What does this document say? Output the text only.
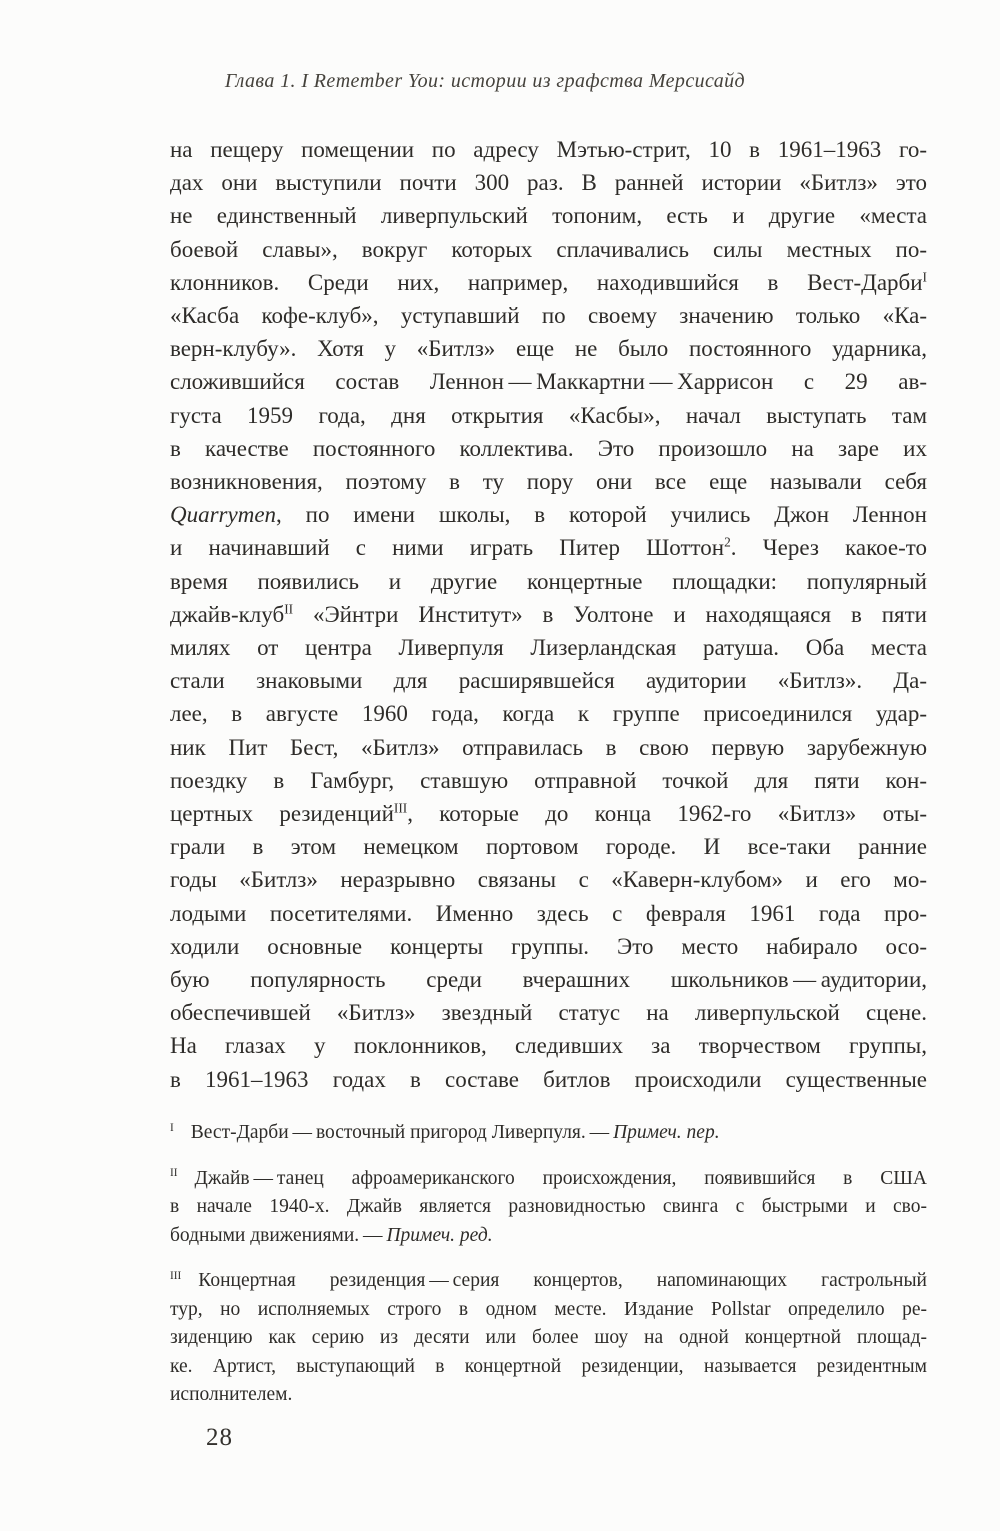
Глава 1. I Remember You: истории из графства Мерсисайд
на пещеру помещении по адресу Мэтью-стрит, 10 в 1961–1963 го-
дах они выступили почти 300 раз. В ранней истории «Битлз» это
не единственный ливерпульский топоним, есть и другие «места
боевой славы», вокруг которых сплачивались силы местных по-
клонников. Среди них, например, находившийся в Вест-Дарби$^I$
«Касба кофе-клуб», уступавший по своему значению только «Ка-
верн-клубу». Хотя у «Битлз» еще не было постоянного ударника,
сложившийся состав Леннон — Маккартни — Харрисон с 29 ав-
густа 1959 года, дня открытия «Касбы», начал выступать там
в качестве постоянного коллектива. Это произошло на заре их
возникновения, поэтому в ту пору они все еще называли себя
Quarrymen, по имени школы, в которой учились Джон Леннон
и начинавший с ними играть Питер Шоттон$^2$. Через какое-то
время появились и другие концертные площадки: популярный
джайв-клуб$^{II}$ «Эйнтри Институт» в Уолтоне и находящаяся в пяти
милях от центра Ливерпуля Лизерландская ратуша. Оба места
стали знаковыми для расширявшейся аудитории «Битлз». Да-
лее, в августе 1960 года, когда к группе присоединился удар-
ник Пит Бест, «Битлз» отправилась в свою первую зарубежную
поездку в Гамбург, ставшую отправной точкой для пяти кон-
цертных резиденций$^{III}$, которые до конца 1962-го «Битлз» оты-
грали в этом немецком портовом городе. И все-таки ранние
годы «Битлз» неразрывно связаны с «Каверн-клубом» и его мо-
лодыми посетителями. Именно здесь с февраля 1961 года про-
ходили основные концерты группы. Это место набирало осо-
бую популярность среди вчерашних школьников — аудитории,
обеспечившей «Битлз» звездный статус на ливерпульской сцене.
На глазах у поклонников, следивших за творчеством группы,
в 1961–1963 годах в составе битлов происходили существенные
$^I$ Вест-Дарби — восточный пригород Ливерпуля. — Примеч. пер.
$^{II}$ Джайв — танец афроамериканского происхождения, появившийся в США
в начале 1940-х. Джайв является разновидностью свинга с быстрыми и сво-
бодными движениями. — Примеч. ред.
$^{III}$ Концертная резиденция — серия концертов, напоминающих гастрольный
тур, но исполняемых строго в одном месте. Издание Pollstar определило ре-
зиденцию как серию из десяти или более шоу на одной концертной площад-
ке. Артист, выступающий в концертной резиденции, называется резидентным
исполнителем.
28
